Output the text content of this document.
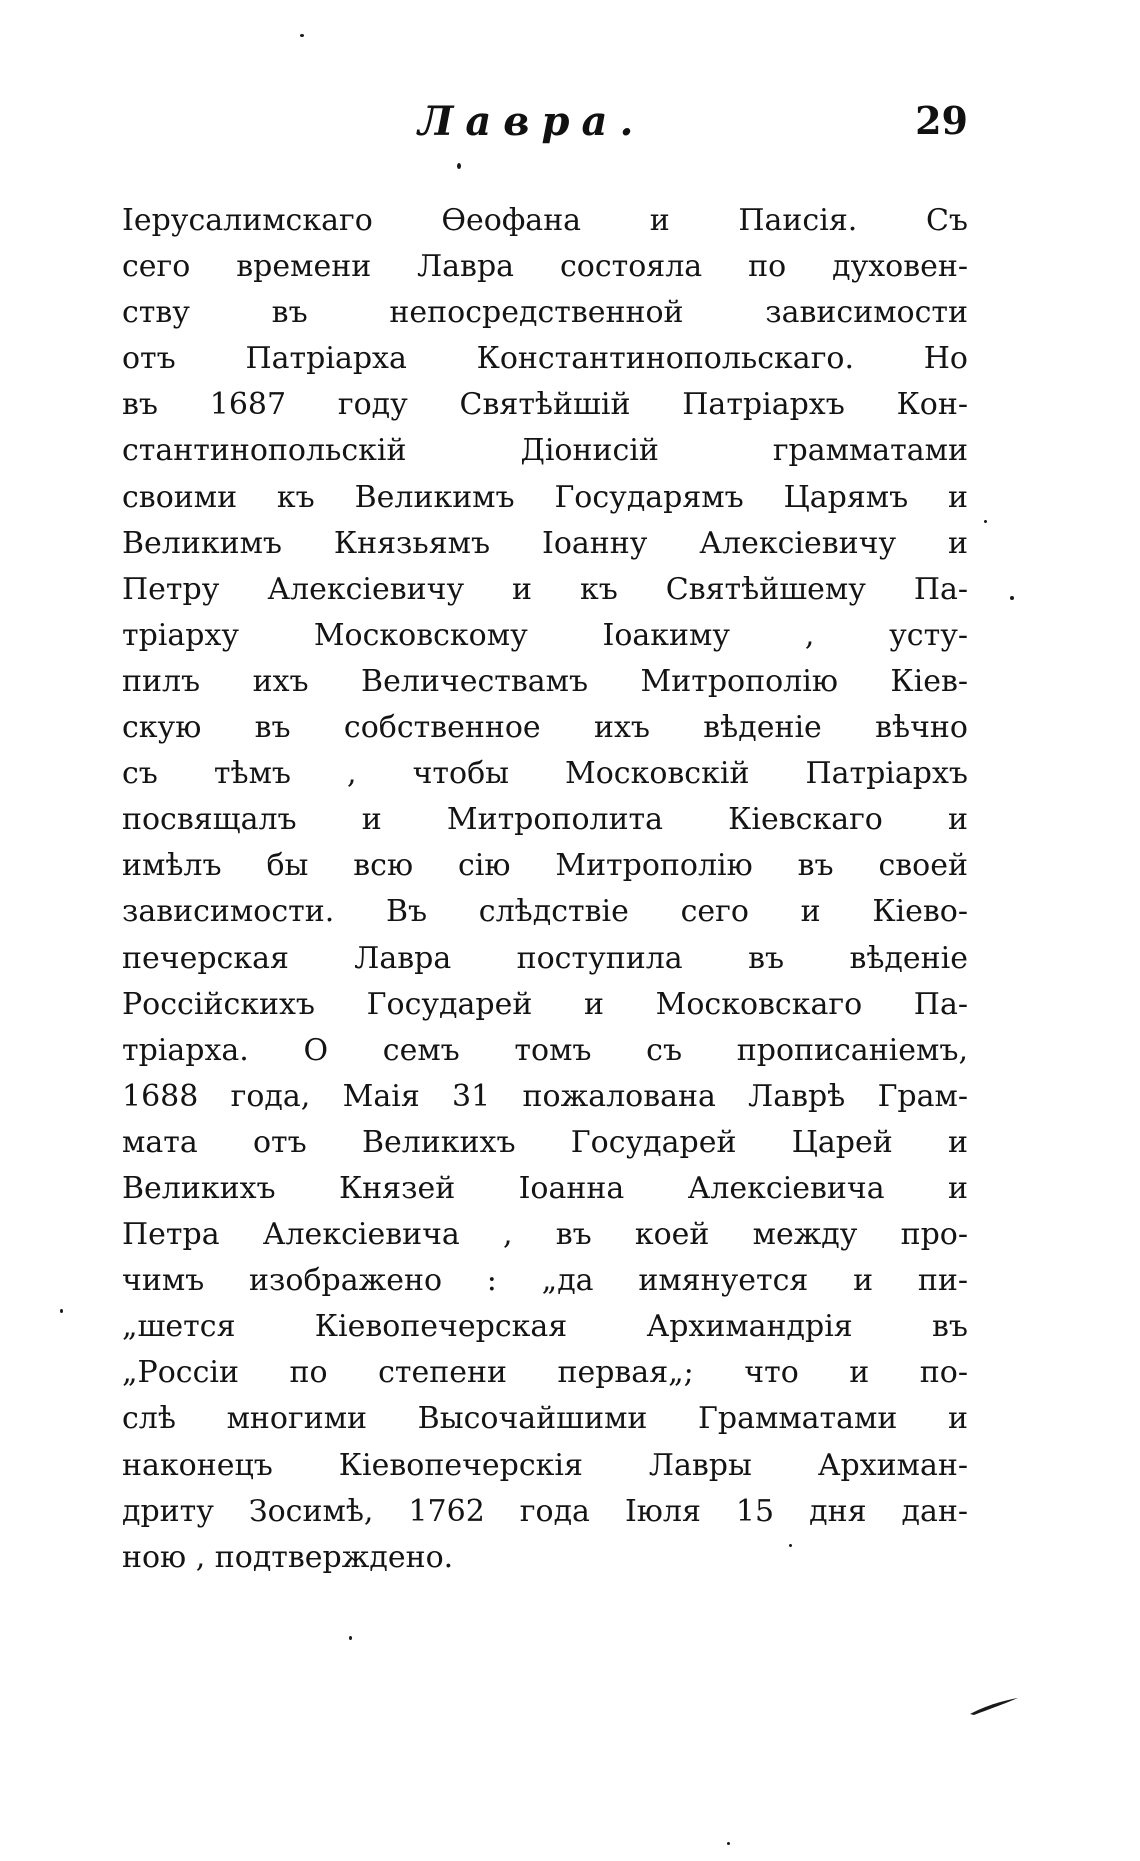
Лавра.	29
Іерусалимскаго Ѳеофана и Паисія. Съ
сего времени Лавра состояла по духовен-
ству въ непосредственной зависимости
отъ Патріарха Константинопольскаго. Но
въ 1687 году Святѣйшій Патріархъ Кон-
стантинопольскій Діонисій грамматами
своими къ Великимъ Государямъ Царямъ и
Великимъ Князьямъ Іоанну Алексіевичу и
Петру Алексіевичу и къ Святѣйшему Па-
тріарху Московскому Іоакиму , усту-
пилъ ихъ Величествамъ Митрополію Кіев-
скую въ собственное ихъ вѣденіе вѣчно
съ тѣмъ , чтобы Московскій Патріархъ
посвящалъ и Митрополита Кіевскаго и
имѣлъ бы всю сію Митрополію въ своей
зависимости. Въ слѣдствіе сего и Кіево-
печерская Лавра поступила въ вѣденіе
Россійскихъ Государей и Московскаго Па-
тріарха. О семъ томъ съ прописаніемъ,
1688 года, Маія 31 пожалована Лаврѣ Грам-
мата отъ Великихъ Государей Царей и
Великихъ Князей Іоанна Алексіевича и
Петра Алексіевича , въ коей между про-
чимъ изображено : „да имянуется и пи-
„шется Кіевопечерская Архимандрія въ
„Россіи по степени первая„; что и по-
слѣ многими Высочайшими Грамматами и
наконецъ Кіевопечерскія Лавры Архиман-
дриту Зосимѣ, 1762 года Іюля 15 дня дан-
ною , подтверждено.
